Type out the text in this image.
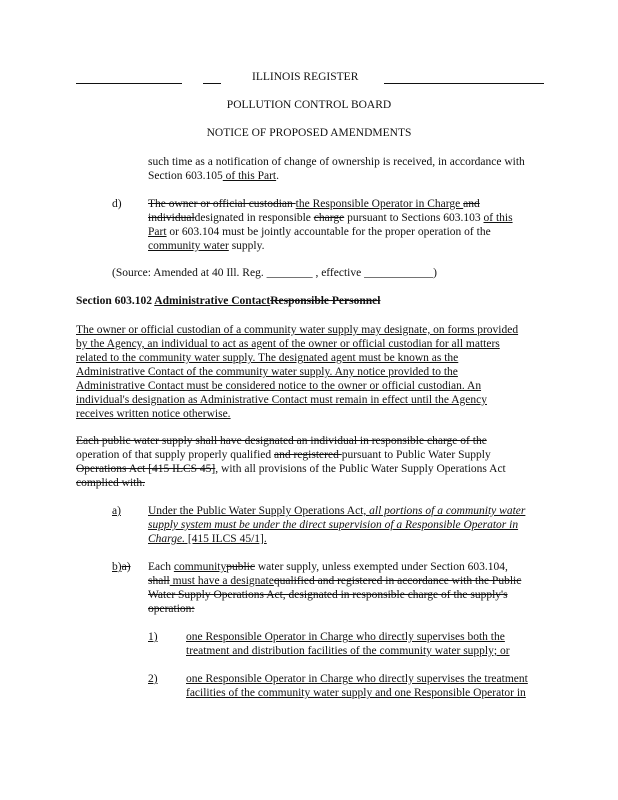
ILLINOIS REGISTER
POLLUTION CONTROL BOARD
NOTICE OF PROPOSED AMENDMENTS
such time as a notification of change of ownership is received, in accordance with
Section 603.105 of this Part.
d) The owner or official custodian the Responsible Operator in Charge and
individualdesignated in responsible charge pursuant to Sections 603.103 of this
Part or 603.104 must be jointly accountable for the proper operation of the
community water supply.
(Source: Amended at 40 Ill. Reg. ________ , effective ____________)
Section 603.102 Administrative ContactResponsible Personnel
The owner or official custodian of a community water supply may designate, on forms provided
by the Agency, an individual to act as agent of the owner or official custodian for all matters
related to the community water supply. The designated agent must be known as the
Administrative Contact of the community water supply. Any notice provided to the
Administrative Contact must be considered notice to the owner or official custodian. An
individual's designation as Administrative Contact must remain in effect until the Agency
receives written notice otherwise.
Each public water supply shall have designated an individual in responsible charge of the
operation of that supply properly qualified and registered pursuant to Public Water Supply
Operations Act [415 ILCS 45], with all provisions of the Public Water Supply Operations Act
complied with.
a) Under the Public Water Supply Operations Act, all portions of a community water
supply system must be under the direct supervision of a Responsible Operator in
Charge. [415 ILCS 45/1].
b)a) Each communitypublic water supply, unless exempted under Section 603.104,
shall must have a designatequalified and registered in accordance with the Public
Water Supply Operations Act, designated in responsible charge of the supply's
operation:
1) one Responsible Operator in Charge who directly supervises both the
treatment and distribution facilities of the community water supply; or
2) one Responsible Operator in Charge who directly supervises the treatment
facilities of the community water supply and one Responsible Operator in
